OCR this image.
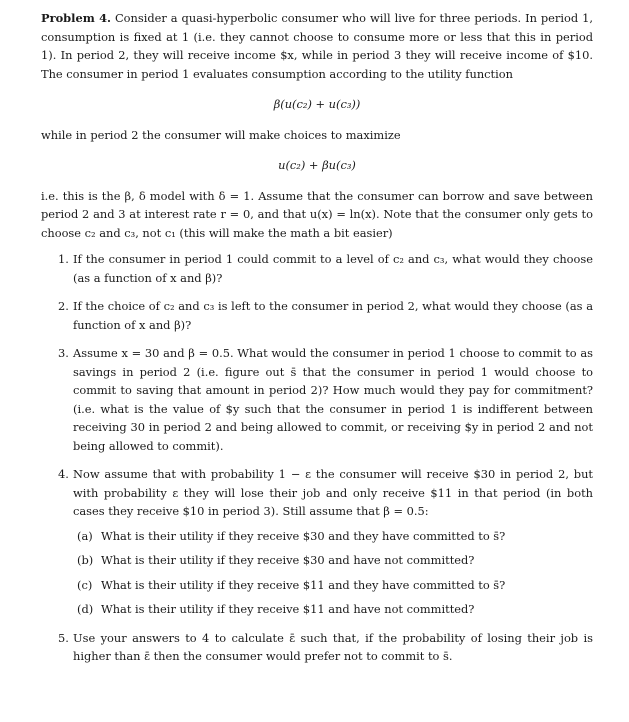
Problem 4. Consider a quasi-hyperbolic consumer who will live for three periods. In period 1, consumption is fixed at 1 (i.e. they cannot choose to consume more or less that this in period 1). In period 2, they will receive income $x, while in period 3 they will receive income of $10. The consumer in period 1 evaluates consumption according to the utility function

β(u(c₂) + u(c₃))

while in period 2 the consumer will make choices to maximize

u(c₂) + βu(c₃)

i.e. this is the β, δ model with δ = 1. Assume that the consumer can borrow and save between period 2 and 3 at interest rate r = 0, and that u(x) = ln(x). Note that the consumer only gets to choose c₂ and c₃, not c₁ (this will make the math a bit easier)

1. If the consumer in period 1 could commit to a level of c₂ and c₃, what would they choose (as a function of x and β)?
2. If the choice of c₂ and c₃ is left to the consumer in period 2, what would they choose (as a function of x and β)?
3. Assume x = 30 and β = 0.5. What would the consumer in period 1 choose to commit to as savings in period 2 (i.e. figure out s̄ that the consumer in period 1 would choose to commit to saving that amount in period 2)? How much would they pay for commitment? (i.e. what is the value of $y such that the consumer in period 1 is indifferent between receiving 30 in period 2 and being allowed to commit, or receiving $y in period 2 and not being allowed to commit).
4. Now assume that with probability 1 − ε the consumer will receive $30 in period 2, but with probability ε they will lose their job and only receive $11 in that period (in both cases they receive $10 in period 3). Still assume that β = 0.5:
(a) What is their utility if they receive $30 and they have committed to s̄?
(b) What is their utility if they receive $30 and have not committed?
(c) What is their utility if they receive $11 and they have committed to s̄?
(d) What is their utility if they receive $11 and have not committed?
5. Use your answers to 4 to calculate ε̄ such that, if the probability of losing their job is higher than ε̄ then the consumer would prefer not to commit to s̄.
